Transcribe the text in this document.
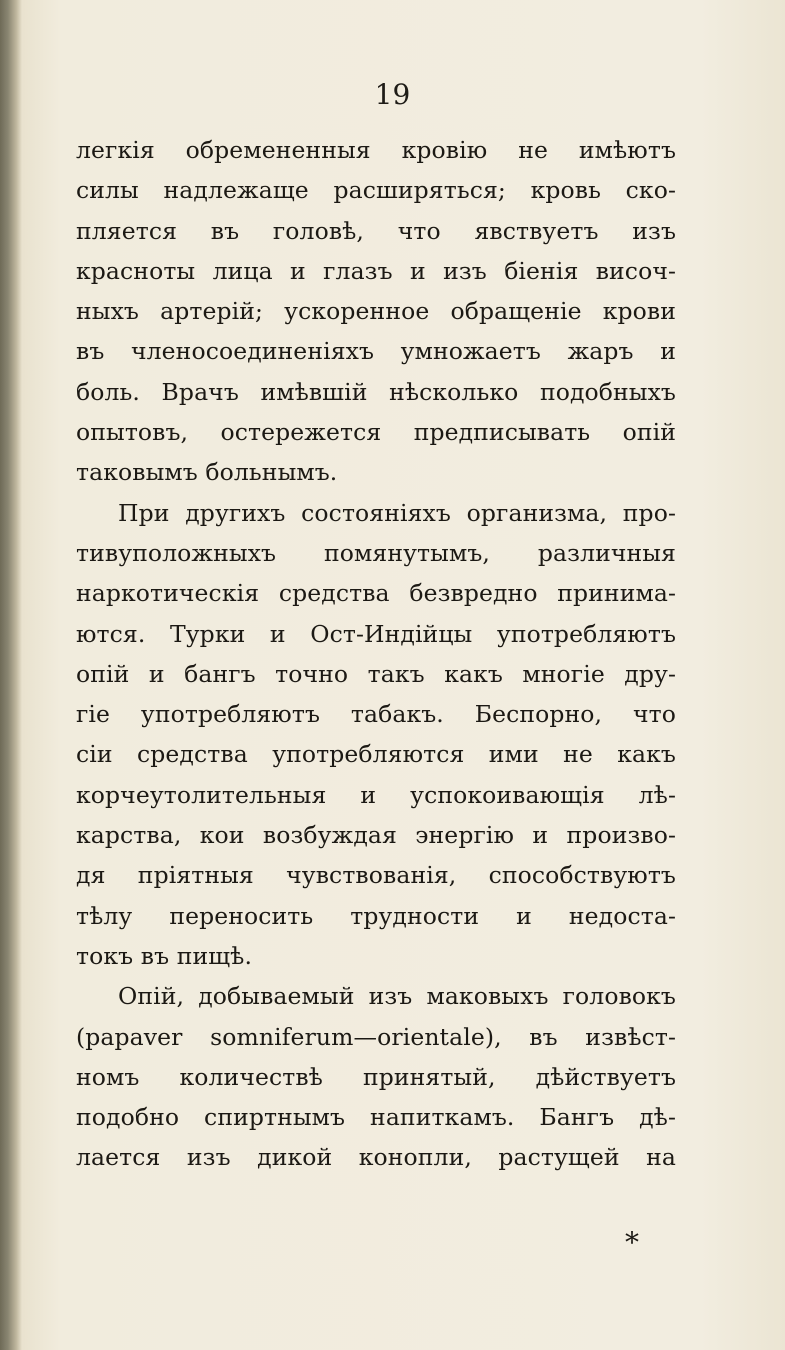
19
легкія обремененныя кровію не имѣютъ
силы надлежаще расширяться; кровь ско-
пляется въ головѣ, что явствуетъ изъ
красноты лица и глазъ и изъ біенія височ-
ныхъ артерій; ускоренное обращеніе крови
въ членосоединеніяхъ умножаетъ жаръ и
боль. Врачъ имѣвшій нѣсколько подобныхъ
опытовъ, остережется предписывать опій
таковымъ больнымъ.
При другихъ состояніяхъ организма, про-
тивуположныхъ помянутымъ, различныя
наркотическія средства безвредно принима-
ются. Турки и Ост-Индійцы употребляютъ
опій и бангъ точно такъ какъ многіе дру-
гіе употребляютъ табакъ. Беспорно, что
сіи средства употребляются ими не какъ
корчеутолительныя и успокоивающія лѣ-
карства, кои возбуждая энергію и произво-
дя пріятныя чувствованія, способствуютъ
тѣлу переносить трудности и недоста-
токъ въ пищѣ.
Опій, добываемый изъ маковыхъ головокъ
(papaver somniferum—orientale), въ извѣст-
номъ количествѣ принятый, дѣйствуетъ
подобно спиртнымъ напиткамъ. Бангъ дѣ-
лается изъ дикой конопли, растущей на
*
